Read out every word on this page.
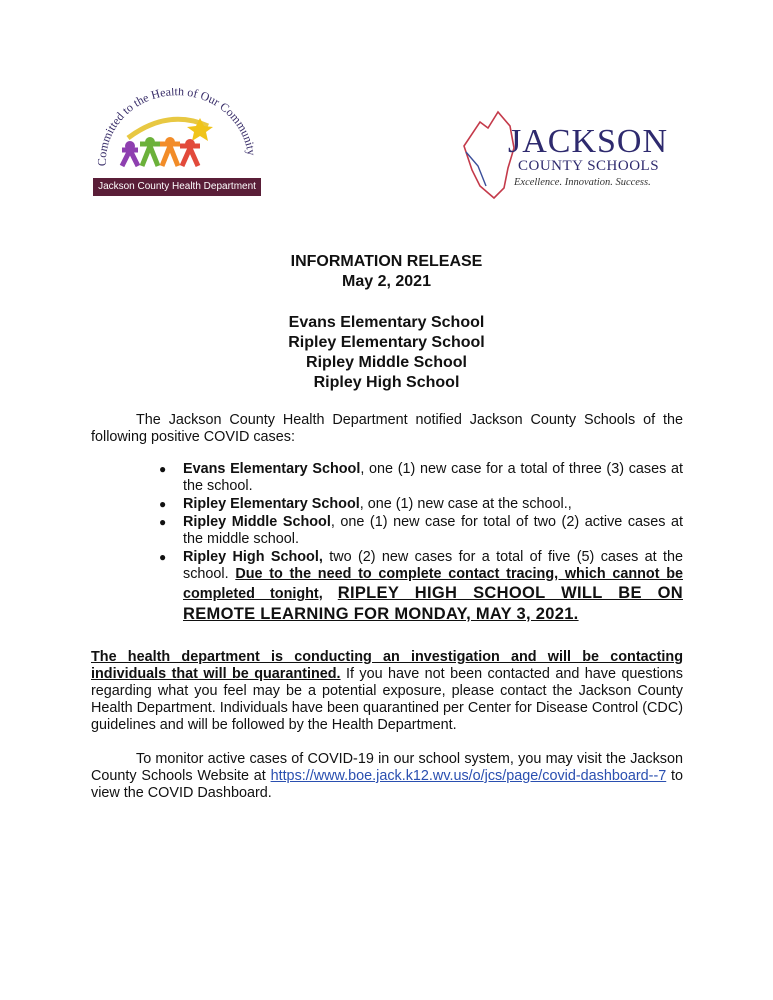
Committed to the Health of Our Community
Jackson County Health Department
JACKSON
COUNTY SCHOOLS
Excellence. Innovation. Success.
INFORMATION RELEASE
May 2, 2021
Evans Elementary School
Ripley Elementary School
Ripley Middle School
Ripley High School

The Jackson County Health Department notified Jackson County Schools of the following positive COVID cases:

● Evans Elementary School, one (1) new case for a total of three (3) cases at the school.
● Ripley Elementary School, one (1) new case at the school.,
● Ripley Middle School, one (1) new case for total of two (2) active cases at the middle school.
● Ripley High School, two (2) new cases for a total of five (5) cases at the school. Due to the need to complete contact tracing, which cannot be completed tonight, RIPLEY HIGH SCHOOL WILL BE ON REMOTE LEARNING FOR MONDAY, MAY 3, 2021.

The health department is conducting an investigation and will be contacting individuals that will be quarantined. If you have not been contacted and have questions regarding what you feel may be a potential exposure, please contact the Jackson County Health Department. Individuals have been quarantined per Center for Disease Control (CDC) guidelines and will be followed by the Health Department.

To monitor active cases of COVID-19 in our school system, you may visit the Jackson County Schools Website at https://www.boe.jack.k12.wv.us/o/jcs/page/covid-dashboard--7 to view the COVID Dashboard.
